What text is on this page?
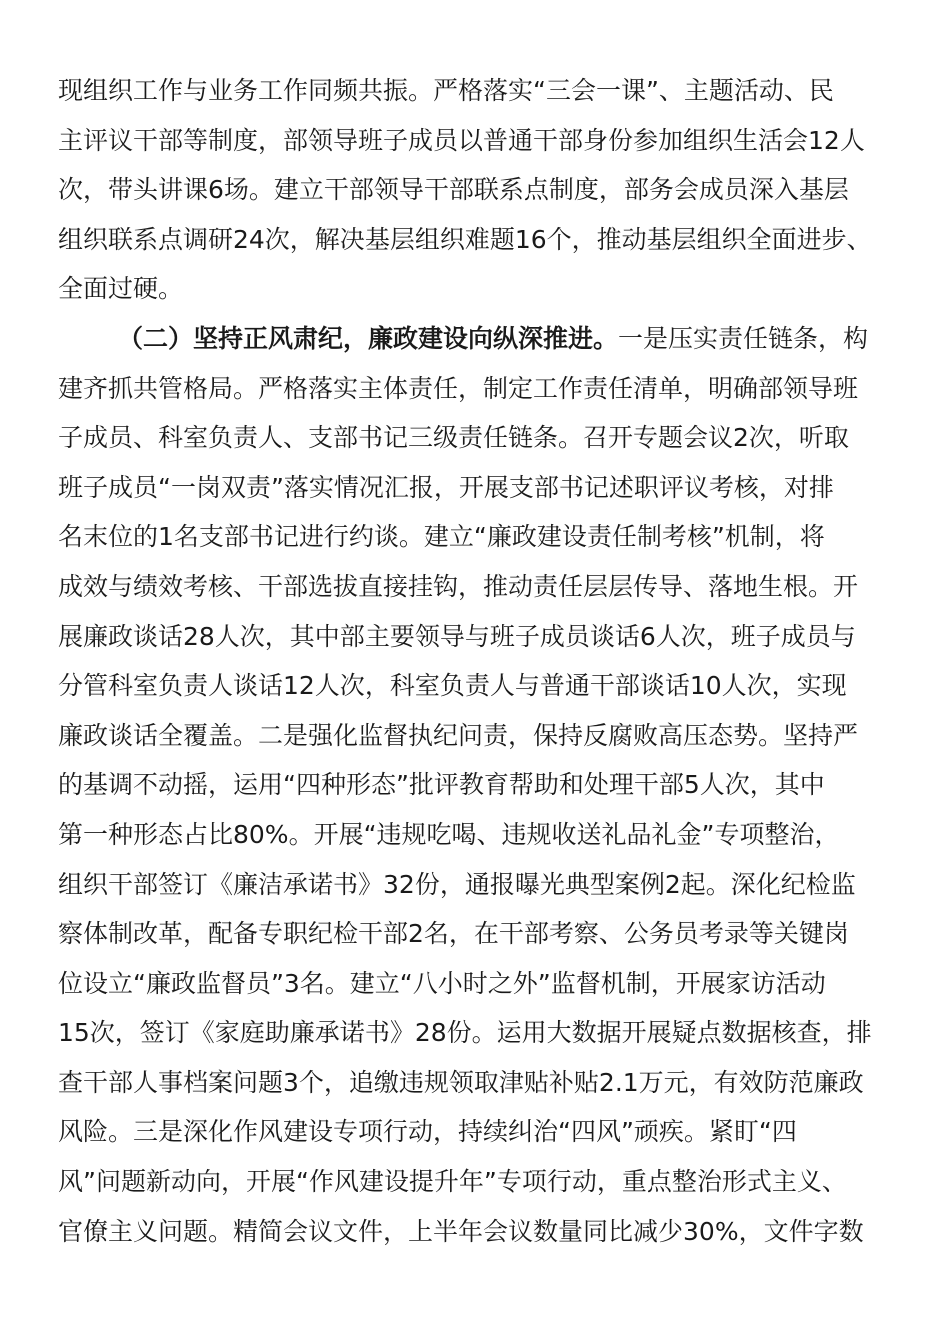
现组织工作与业务工作同频共振。严格落实“三会一课”、主题活动、民
主评议干部等制度，部领导班子成员以普通干部身份参加组织生活会12人
次，带头讲课6场。建立干部领导干部联系点制度，部务会成员深入基层
组织联系点调研24次，解决基层组织难题16个，推动基层组织全面进步、
全面过硬。
（二）坚持正风肃纪，廉政建设向纵深推进。一是压实责任链条，构
建齐抓共管格局。严格落实主体责任，制定工作责任清单，明确部领导班
子成员、科室负责人、支部书记三级责任链条。召开专题会议2次，听取
班子成员“一岗双责”落实情况汇报，开展支部书记述职评议考核，对排
名末位的1名支部书记进行约谈。建立“廉政建设责任制考核”机制，将
成效与绩效考核、干部选拔直接挂钩，推动责任层层传导、落地生根。开
展廉政谈话28人次，其中部主要领导与班子成员谈话6人次，班子成员与
分管科室负责人谈话12人次，科室负责人与普通干部谈话10人次，实现
廉政谈话全覆盖。二是强化监督执纪问责，保持反腐败高压态势。坚持严
的基调不动摇，运用“四种形态”批评教育帮助和处理干部5人次，其中
第一种形态占比80%。开展“违规吃喝、违规收送礼品礼金”专项整治，
组织干部签订《廉洁承诺书》32份，通报曝光典型案例2起。深化纪检监
察体制改革，配备专职纪检干部2名，在干部考察、公务员考录等关键岗
位设立“廉政监督员”3名。建立“八小时之外”监督机制，开展家访活动
15次，签订《家庭助廉承诺书》28份。运用大数据开展疑点数据核查，排
查干部人事档案问题3个，追缴违规领取津贴补贴2.1万元，有效防范廉政
风险。三是深化作风建设专项行动，持续纠治“四风”顽疾。紧盯“四
风”问题新动向，开展“作风建设提升年”专项行动，重点整治形式主义、
官僚主义问题。精简会议文件，上半年会议数量同比减少30%，文件字数
